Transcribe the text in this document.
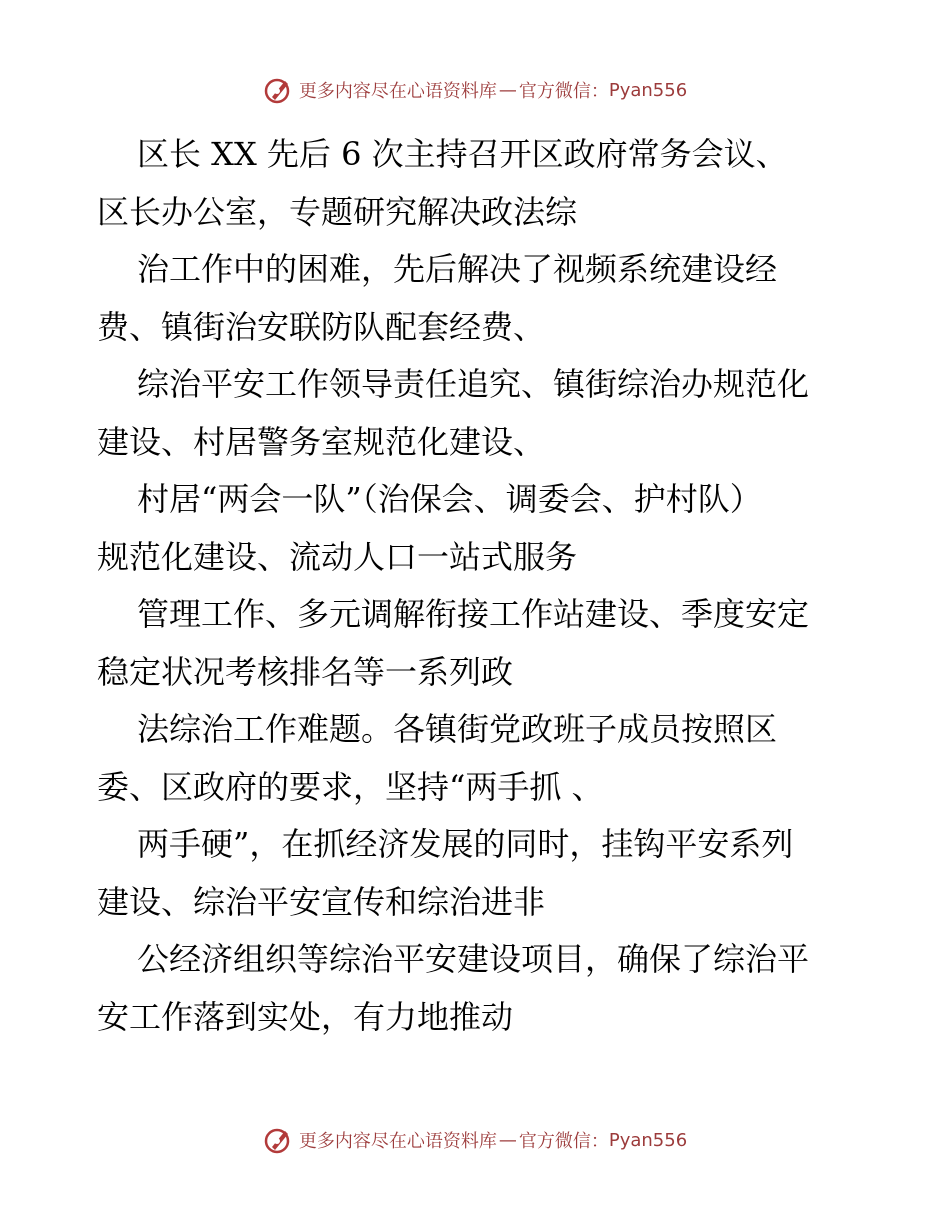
更多内容尽在心语资料库 — 官方微信： Pyan556

区长 XX 先后 6 次主持召开区政府常务会议、
区长办公室，专题研究解决政法综

治工作中的困难，先后解决了视频系统建设经
费、镇街治安联防队配套经费、

综治平安工作领导责任追究、镇街综治办规范化
建设、村居警务室规范化建设、

村居“两会一队”（治保会、调委会、护村队）
规范化建设、流动人口一站式服务

管理工作、多元调解衔接工作站建设、季度安定
稳定状况考核排名等一系列政

法综治工作难题。各镇街党政班子成员按照区
委、区政府的要求，坚持“两手抓 、

两手硬”，在抓经济发展的同时，挂钩平安系列
建设、综治平安宣传和综治进非

公经济组织等综治平安建设项目，确保了综治平
安工作落到实处，有力地推动

更多内容尽在心语资料库 — 官方微信： Pyan556
